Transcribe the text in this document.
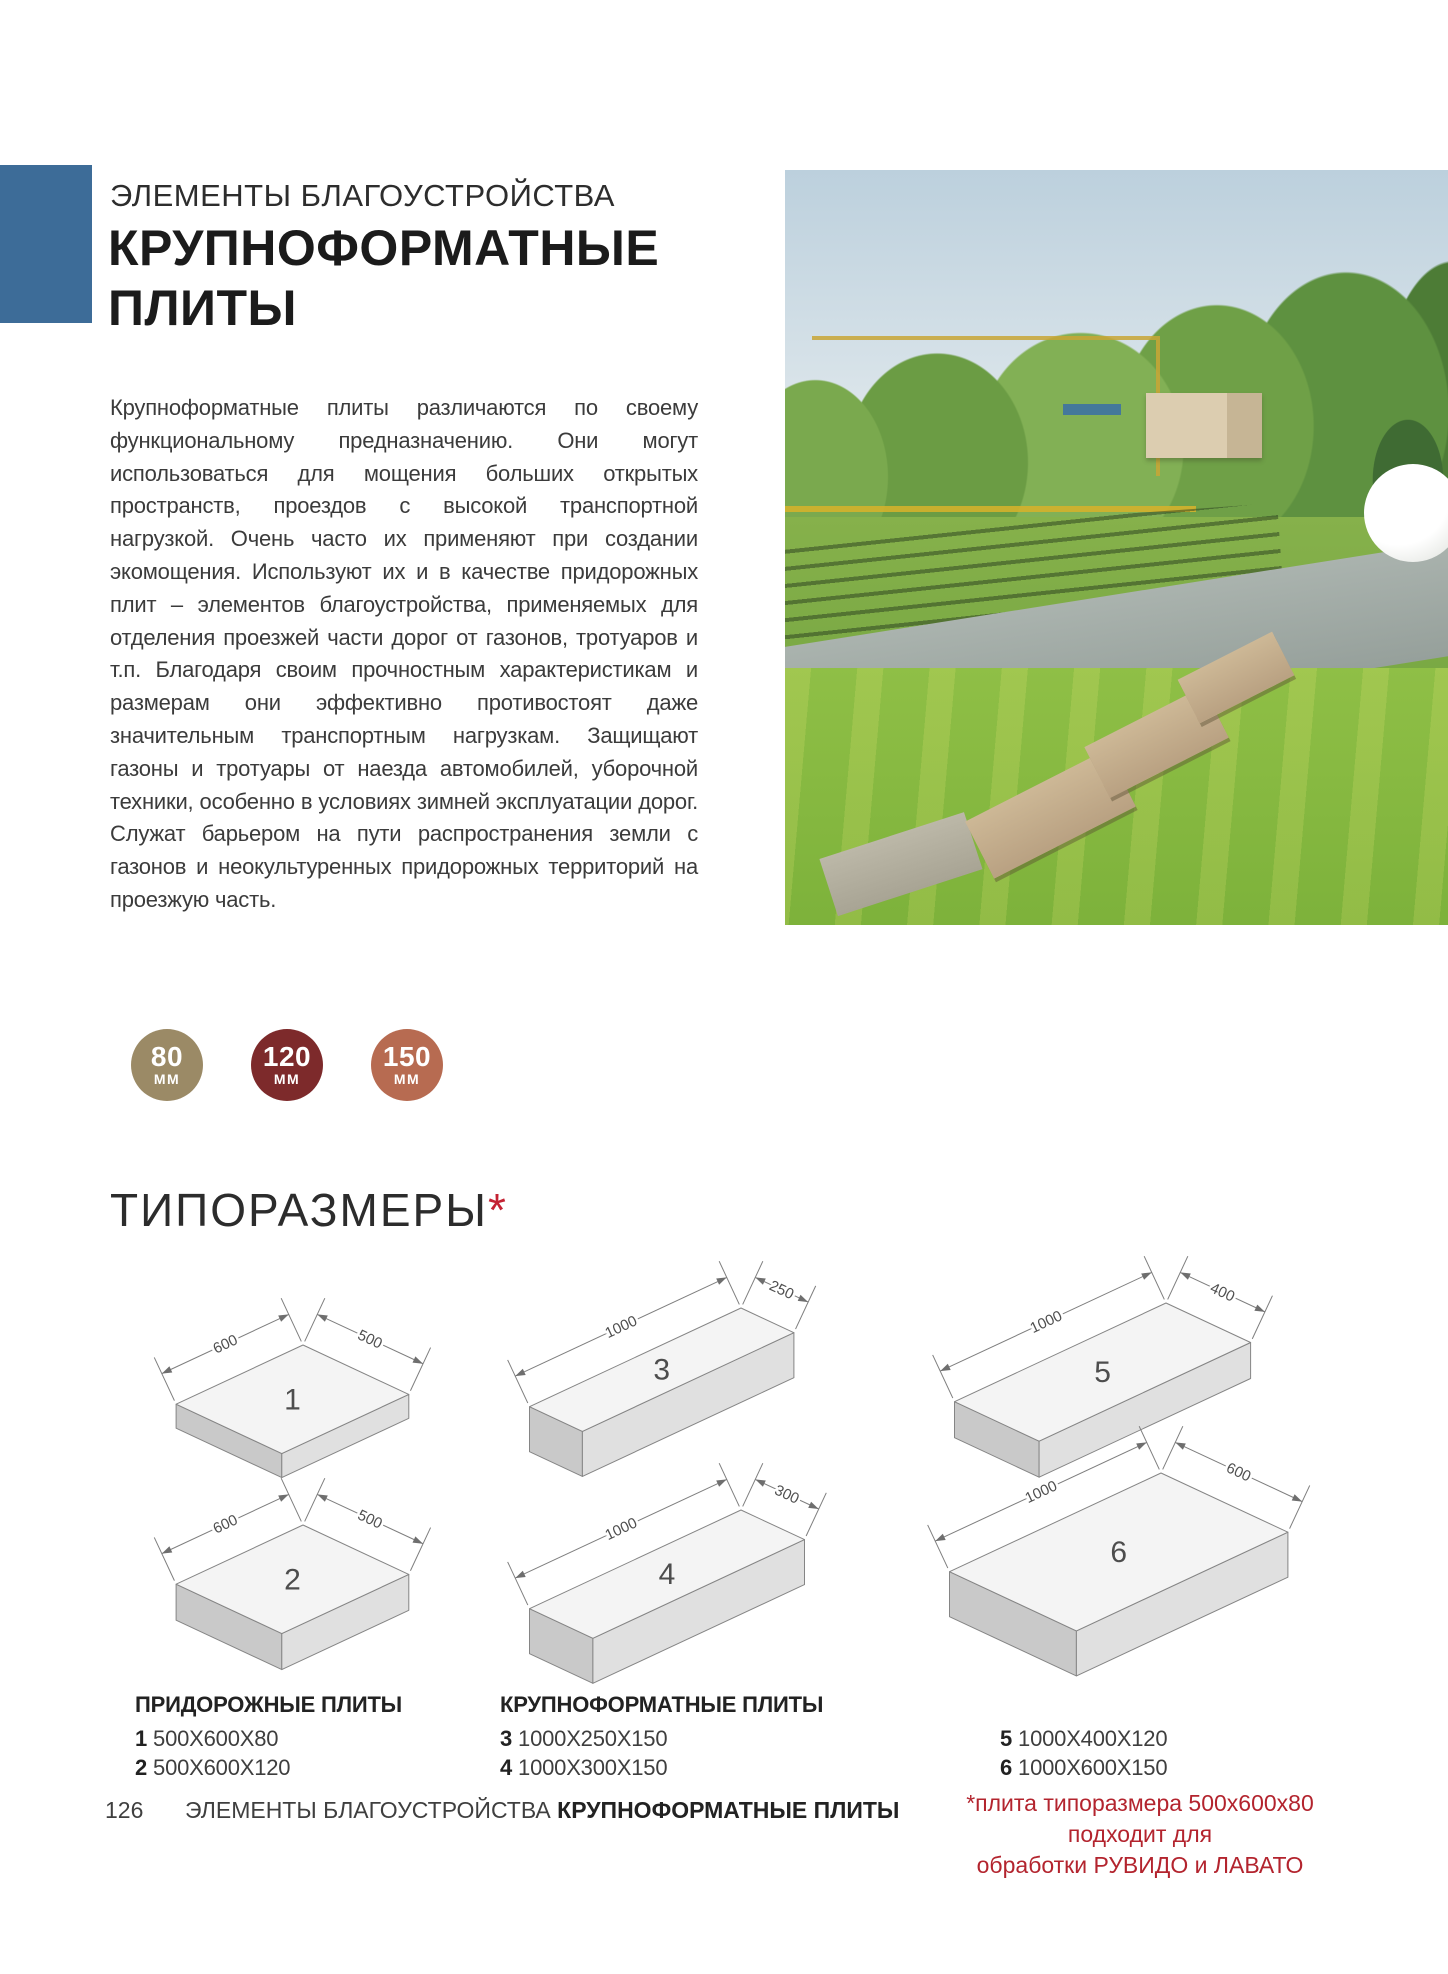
ЭЛЕМЕНТЫ БЛАГОУСТРОЙСТВА
КРУПНОФОРМАТНЫЕ ПЛИТЫ
Крупноформатные плиты различаются по своему функциональному предназначению. Они могут использоваться для мощения больших открытых пространств, проездов с высокой транспортной нагрузкой. Очень часто их применяют при создании экомощения. Используют их и в качестве придорожных плит – элементов благоустройства, применяемых для отделения проезжей части дорог от газонов, тротуаров и т.п. Благодаря своим прочностным характеристикам и размерам они эффективно противостоят даже значительным транспортным нагрузкам. Защищают газоны и тротуары от наезда автомобилей, уборочной техники, особенно в условиях зимней эксплуатации дорог. Служат барьером на пути распространения земли с газонов и неокультуренных придорожных территорий на проезжую часть.
80
ММ
120
ММ
150
ММ
ТИПОРАЗМЕРЫ*
1
600	500
2
600	500
3
1000
250
4
1000
300
5
1000
400
6
1000
600
ПРИДОРОЖНЫЕ ПЛИТЫ
1 500X600X80
2 500X600X120
КРУПНОФОРМАТНЫЕ ПЛИТЫ
3 1000X250X150
4 1000X300X150
5 1000X400X120
6 1000X600X150
126 ЭЛЕМЕНТЫ БЛАГОУСТРОЙСТВА КРУПНОФОРМАТНЫЕ ПЛИТЫ	*плита типоразмера 500х600х80 подходит для
обработки РУВИДО и ЛАВАТО
